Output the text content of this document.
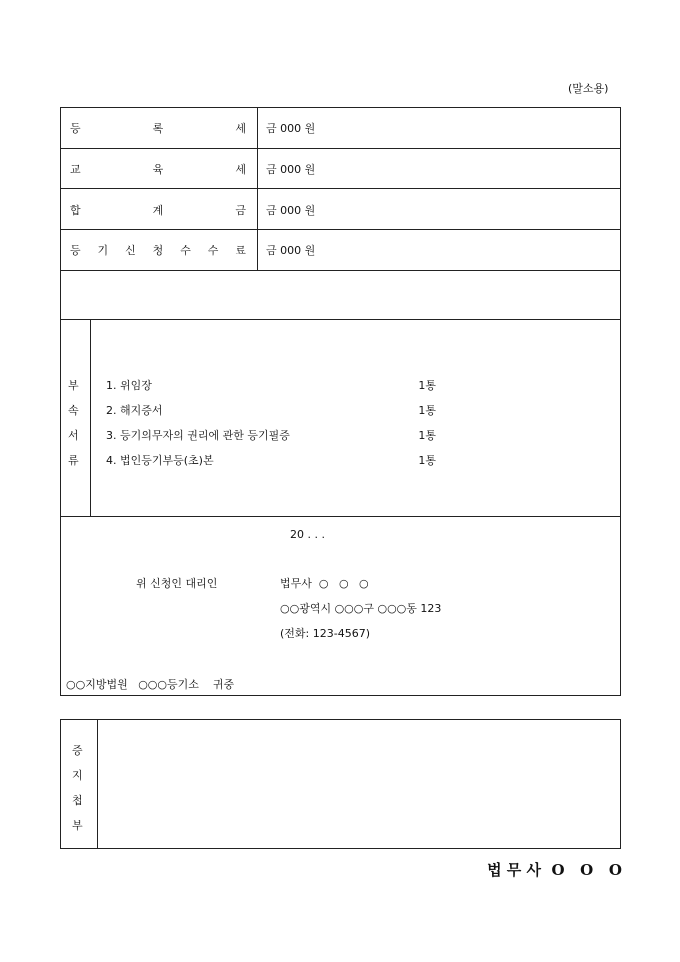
(말소용)
등	록	세 금 000 원
교	육	세 금 000 원
합	계	금 금 000 원
등 기 신 청 수 수 료 금 000 원
부
속
서
류
1. 위임장	1통
2. 해지증서	1통
3. 등기의무자의 권리에 관한 등기필증	1통
4. 법인등기부등(초)본	1통
20 . . .
위 신청인 대리인	법무사  ○   ○   ○
○○광역시 ○○○구 ○○○동 123
(전화: 123-4567)
○○지방법원   ○○○등기소    귀중
증
지
첩
부
법 무 사  O   O   O
